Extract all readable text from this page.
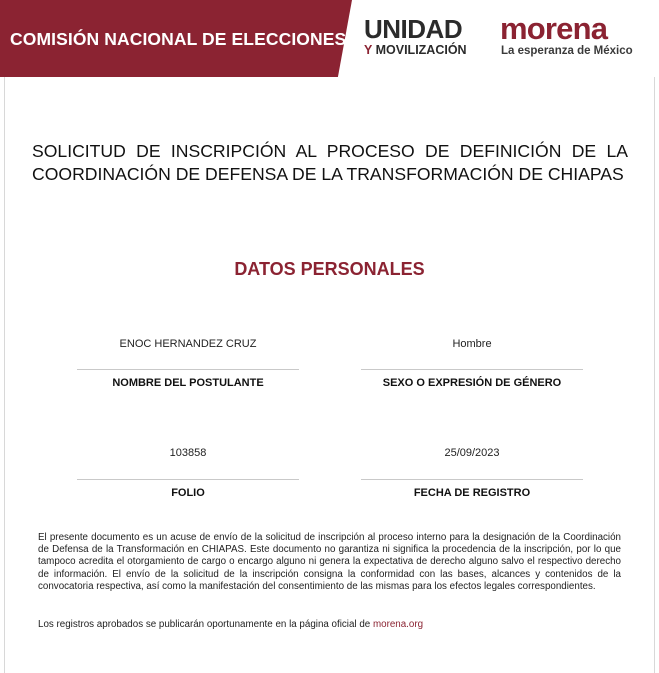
COMISIÓN NACIONAL DE ELECCIONES UNIDAD
Y MOVILIZACIÓN
morena
La esperanza de México
SOLICITUD DE INSCRIPCIÓN AL PROCESO DE DEFINICIÓN DE LA COORDINACIÓN DE DEFENSA DE LA TRANSFORMACIÓN DE CHIAPAS
DATOS PERSONALES
ENOC HERNANDEZ CRUZ
NOMBRE DEL POSTULANTE
Hombre
SEXO O EXPRESIÓN DE GÉNERO
103858
FOLIO
25/09/2023
FECHA DE REGISTRO
El presente documento es un acuse de envío de la solicitud de inscripción al proceso interno para la designación de la Coordinación de Defensa de la Transformación en CHIAPAS. Este documento no garantiza ni significa la procedencia de la inscripción, por lo que tampoco acredita el otorgamiento de cargo o encargo alguno ni genera la expectativa de derecho alguno salvo el respectivo derecho de información. El envío de la solicitud de la inscripción consigna la conformidad con las bases, alcances y contenidos de la convocatoria respectiva, así como la manifestación del consentimiento de las mismas para los efectos legales correspondientes.
Los registros aprobados se publicarán oportunamente en la página oficial de morena.org
